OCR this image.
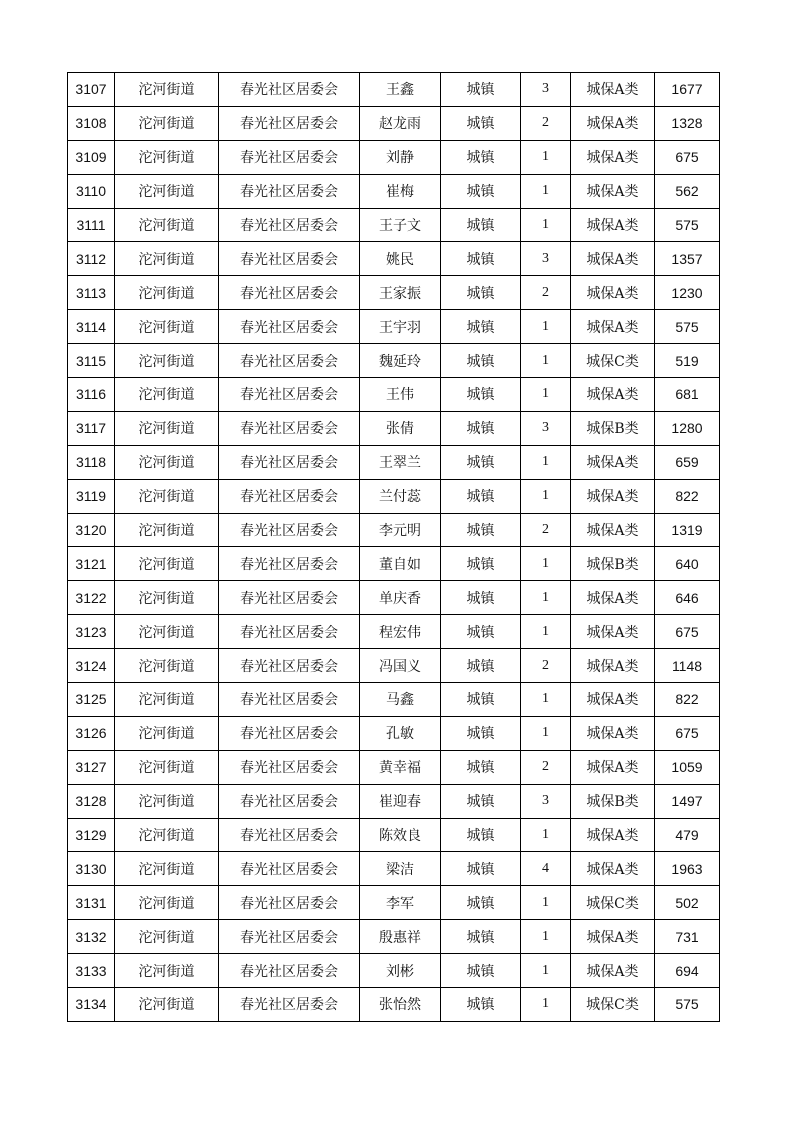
3107	沱河街道	春光社区居委会	王鑫	城镇	3	城保A类	1677
3108	沱河街道	春光社区居委会	赵龙雨	城镇	2	城保A类	1328
3109	沱河街道	春光社区居委会	刘静	城镇	1	城保A类	675
3110	沱河街道	春光社区居委会	崔梅	城镇	1	城保A类	562
3111	沱河街道	春光社区居委会	王子文	城镇	1	城保A类	575
3112	沱河街道	春光社区居委会	姚民	城镇	3	城保A类	1357
3113	沱河街道	春光社区居委会	王家振	城镇	2	城保A类	1230
3114	沱河街道	春光社区居委会	王宇羽	城镇	1	城保A类	575
3115	沱河街道	春光社区居委会	魏延玲	城镇	1	城保C类	519
3116	沱河街道	春光社区居委会	王伟	城镇	1	城保A类	681
3117	沱河街道	春光社区居委会	张倩	城镇	3	城保B类	1280
3118	沱河街道	春光社区居委会	王翠兰	城镇	1	城保A类	659
3119	沱河街道	春光社区居委会	兰付蕊	城镇	1	城保A类	822
3120	沱河街道	春光社区居委会	李元明	城镇	2	城保A类	1319
3121	沱河街道	春光社区居委会	董自如	城镇	1	城保B类	640
3122	沱河街道	春光社区居委会	单庆香	城镇	1	城保A类	646
3123	沱河街道	春光社区居委会	程宏伟	城镇	1	城保A类	675
3124	沱河街道	春光社区居委会	冯国义	城镇	2	城保A类	1148
3125	沱河街道	春光社区居委会	马鑫	城镇	1	城保A类	822
3126	沱河街道	春光社区居委会	孔敏	城镇	1	城保A类	675
3127	沱河街道	春光社区居委会	黄幸福	城镇	2	城保A类	1059
3128	沱河街道	春光社区居委会	崔迎春	城镇	3	城保B类	1497
3129	沱河街道	春光社区居委会	陈效良	城镇	1	城保A类	479
3130	沱河街道	春光社区居委会	梁洁	城镇	4	城保A类	1963
3131	沱河街道	春光社区居委会	李军	城镇	1	城保C类	502
3132	沱河街道	春光社区居委会	殷惠祥	城镇	1	城保A类	731
3133	沱河街道	春光社区居委会	刘彬	城镇	1	城保A类	694
3134	沱河街道	春光社区居委会	张怡然	城镇	1	城保C类	575
